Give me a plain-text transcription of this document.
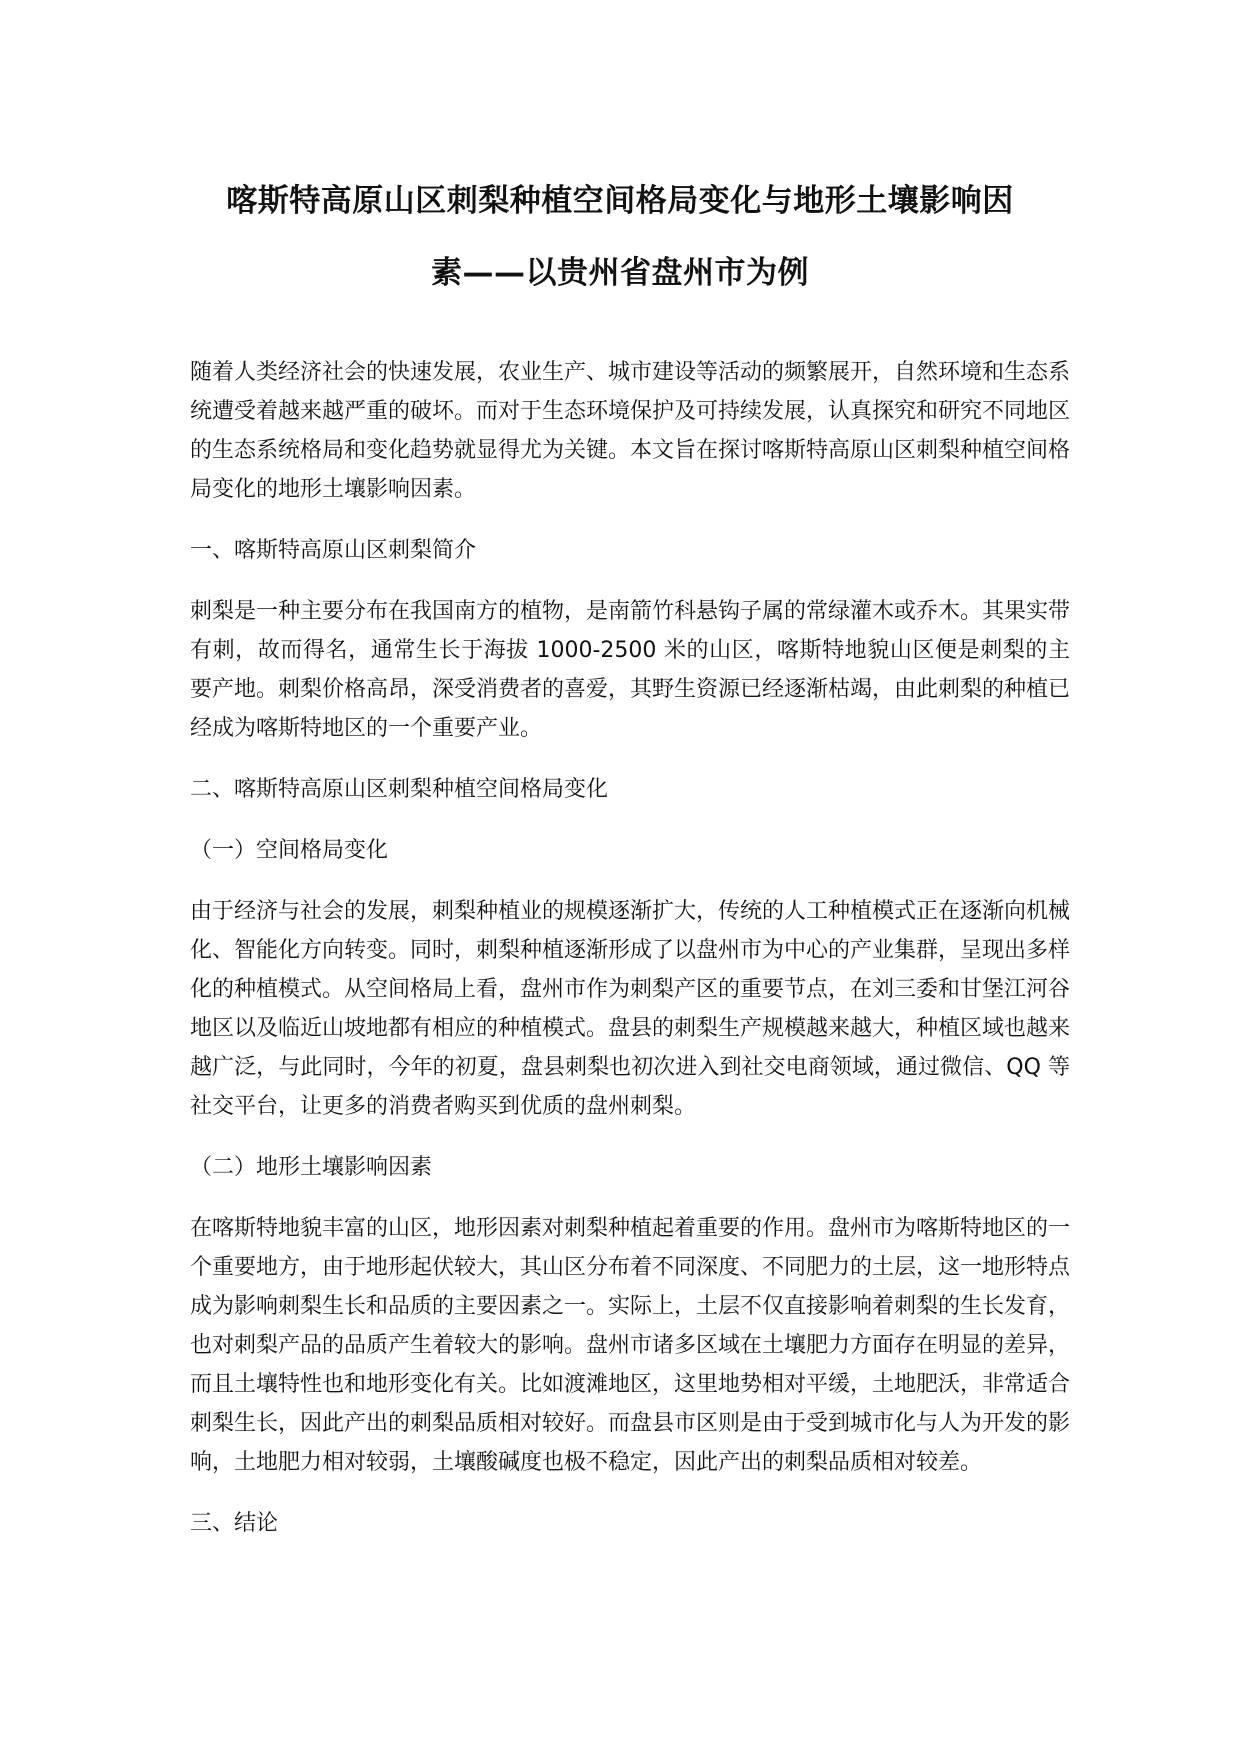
喀斯特高原山区刺梨种植空间格局变化与地形土壤影响因
素——以贵州省盘州市为例

随着人类经济社会的快速发展，农业生产、城市建设等活动的频繁展开，自然环境和生态系统遭受着越来越严重的破坏。而对于生态环境保护及可持续发展，认真探究和研究不同地区的生态系统格局和变化趋势就显得尤为关键。本文旨在探讨喀斯特高原山区刺梨种植空间格局变化的地形土壤影响因素。

一、喀斯特高原山区刺梨简介

刺梨是一种主要分布在我国南方的植物，是南箭竹科悬钩子属的常绿灌木或乔木。其果实带有刺，故而得名，通常生长于海拔 1000-2500 米的山区，喀斯特地貌山区便是刺梨的主要产地。刺梨价格高昂，深受消费者的喜爱，其野生资源已经逐渐枯竭，由此刺梨的种植已经成为喀斯特地区的一个重要产业。

二、喀斯特高原山区刺梨种植空间格局变化

（一）空间格局变化

由于经济与社会的发展，刺梨种植业的规模逐渐扩大，传统的人工种植模式正在逐渐向机械化、智能化方向转变。同时，刺梨种植逐渐形成了以盘州市为中心的产业集群，呈现出多样化的种植模式。从空间格局上看，盘州市作为刺梨产区的重要节点，在刘三委和甘堡江河谷地区以及临近山坡地都有相应的种植模式。盘县的刺梨生产规模越来越大，种植区域也越来越广泛，与此同时，今年的初夏，盘县刺梨也初次进入到社交电商领域，通过微信、QQ 等社交平台，让更多的消费者购买到优质的盘州刺梨。

（二）地形土壤影响因素

在喀斯特地貌丰富的山区，地形因素对刺梨种植起着重要的作用。盘州市为喀斯特地区的一个重要地方，由于地形起伏较大，其山区分布着不同深度、不同肥力的土层，这一地形特点成为影响刺梨生长和品质的主要因素之一。实际上，土层不仅直接影响着刺梨的生长发育，也对刺梨产品的品质产生着较大的影响。盘州市诸多区域在土壤肥力方面存在明显的差异，而且土壤特性也和地形变化有关。比如渡滩地区，这里地势相对平缓，土地肥沃，非常适合刺梨生长，因此产出的刺梨品质相对较好。而盘县市区则是由于受到城市化与人为开发的影响，土地肥力相对较弱，土壤酸碱度也极不稳定，因此产出的刺梨品质相对较差。

三、结论
